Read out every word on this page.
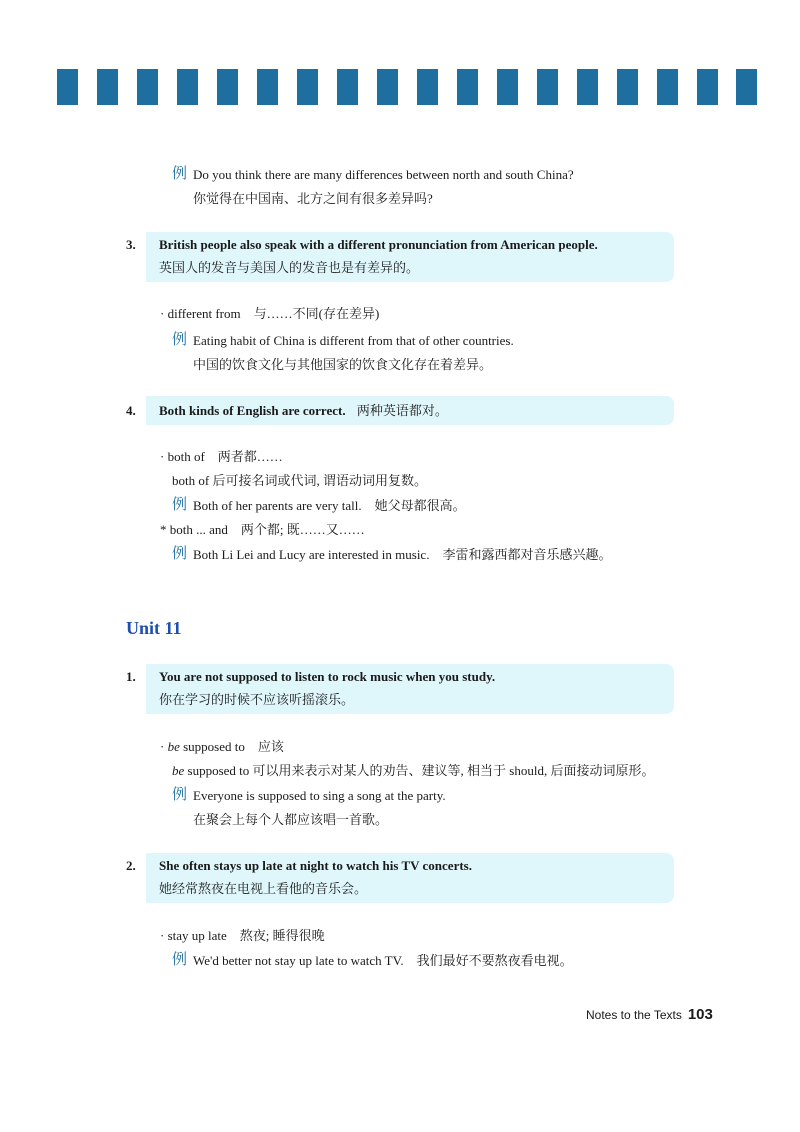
例 Do you think there are many differences between north and south China?
你觉得在中国南、北方之间有很多差异吗?
3. British people also speak with a different pronunciation from American people.
英国人的发音与美国人的发音也是有差异的。
· different from　与……不同(存在差异)
例 Eating habit of China is different from that of other countries.
中国的饮食文化与其他国家的饮食文化存在着差异。
4. Both kinds of English are correct. 两种英语都对。
· both of　两者都……
both of 后可接名词或代词, 谓语动词用复数。
例 Both of her parents are very tall.　她父母都很高。
* both ... and　两个都; 既……又……
例 Both Li Lei and Lucy are interested in music.　李雷和露西都对音乐感兴趣。
Unit 11
1. You are not supposed to listen to rock music when you study.
你在学习的时候不应该听摇滚乐。
· be supposed to　应该
be supposed to 可以用来表示对某人的劝告、建议等, 相当于 should, 后面接动词原形。
例 Everyone is supposed to sing a song at the party.
在聚会上每个人都应该唱一首歌。
2. She often stays up late at night to watch his TV concerts.
她经常熬夜在电视上看他的音乐会。
· stay up late　熬夜; 睡得很晚
例 We'd better not stay up late to watch TV.　我们最好不要熬夜看电视。
Notes to the Texts 103
